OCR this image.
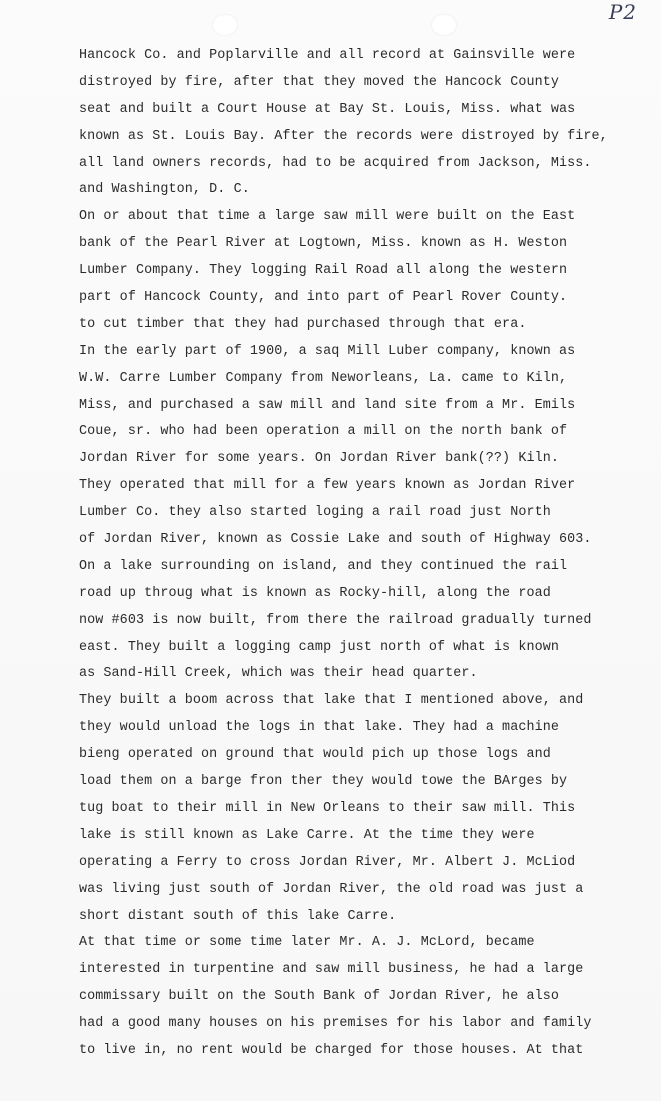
P2
Hancock Co. and Poplarville and all record at Gainsville were
distroyed by fire, after that they moved the Hancock County
seat and built a Court House at Bay St. Louis, Miss. what was
known as St. Louis Bay. After the records were distroyed by fire,
all land owners records, had to be acquired from Jackson, Miss.
and Washington, D. C.
On or about that time a large saw mill were built on the East
bank of the Pearl River at Logtown, Miss. known as H. Weston
Lumber Company. They logging Rail Road all along the western
part of Hancock County, and into part of Pearl Rover County.
to cut timber that they had purchased through that era.
In the early part of 1900, a saq Mill Luber company, known as
W.W. Carre Lumber Company from Neworleans, La. came to Kiln,
Miss, and purchased a saw mill and land site from a Mr. Emils
Coue, sr. who had been operation a mill on the north bank of
Jordan River for some years. On Jordan River bank(??) Kiln.
They operated that mill for a few years known as Jordan River
Lumber Co. they also started loging a rail road just North
of Jordan River, known as Cossie Lake and south of Highway 603.
On a lake surrounding on island, and they continued the rail
road up throug what is known as Rocky-hill, along the road
now #603 is now built, from there the railroad gradually turned
east. They built a logging camp just north of what is known
as Sand-Hill Creek, which was their head quarter.
They built a boom across that lake that I mentioned above, and
they would unload the logs in that lake. They had a machine
bieng operated on ground that would pich up those logs and
load them on a barge fron ther they would towe the BArges by
tug boat to their mill in New Orleans to their saw mill. This
lake is still known as Lake Carre. At the time they were
operating a Ferry to cross Jordan River, Mr. Albert J. McLiod
was living just south of Jordan River, the old road was just a
short distant south of this lake Carre.
At that time or some time later Mr. A. J. McLord, became
interested in turpentine and saw mill business, he had a large
commissary built on the South Bank of Jordan River, he also
had a good many houses on his premises for his labor and family
to live in, no rent would be charged for those houses. At that
